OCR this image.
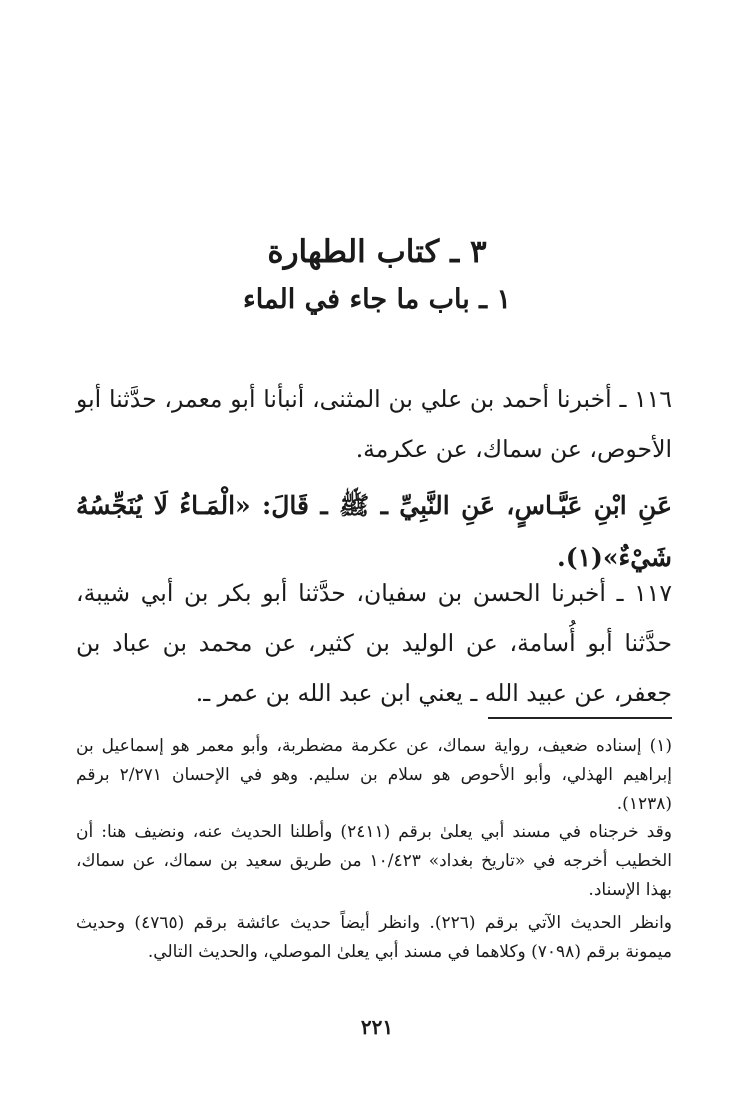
٣ ـ كتاب الطهارة
١ ـ باب ما جاء في الماء
١١٦ ـ أخبرنا أحمد بن علي بن المثنى، أنبأنا أبو معمر، حدَّثنا أبو الأحوص، عن سماك، عن عكرمة.
عَنِ ابْنِ عَبَّـاسٍ، عَنِ النَّبِيِّ ـ ﷺ ـ قَالَ: «الْمَـاءُ لَا يُنَجِّسُهُ شَيْءٌ»(١).
١١٧ ـ أخبرنا الحسن بن سفيان، حدَّثنا أبو بكر بن أبي شيبة، حدَّثنا أبو أُسامة، عن الوليد بن كثير، عن محمد بن عباد بن جعفر، عن عبيد الله ـ يعني ابن عبد الله بن عمر ـ.
(١) إسناده ضعيف، رواية سماك، عن عكرمة مضطربة، وأبو معمر هو إسماعيل بن إبراهيم الهذلي، وأبو الأحوص هو سلام بن سليم. وهو في الإحسان ٢/٢٧١ برقم (١٢٣٨).
وقد خرجناه في مسند أبي يعلىٰ برقم (٢٤١١) وأطلنا الحديث عنه، ونضيف هنا: أن الخطيب أخرجه في «تاريخ بغداد» ١٠/٤٢٣ من طريق سعيد بن سماك، عن سماك، بهذا الإسناد.
وانظر الحديث الآتي برقم (٢٢٦). وانظر أيضاً حديث عائشة برقم (٤٧٦٥) وحديث ميمونة برقم (٧٠٩٨) وكلاهما في مسند أبي يعلىٰ الموصلي، والحديث التالي.
٢٢١
